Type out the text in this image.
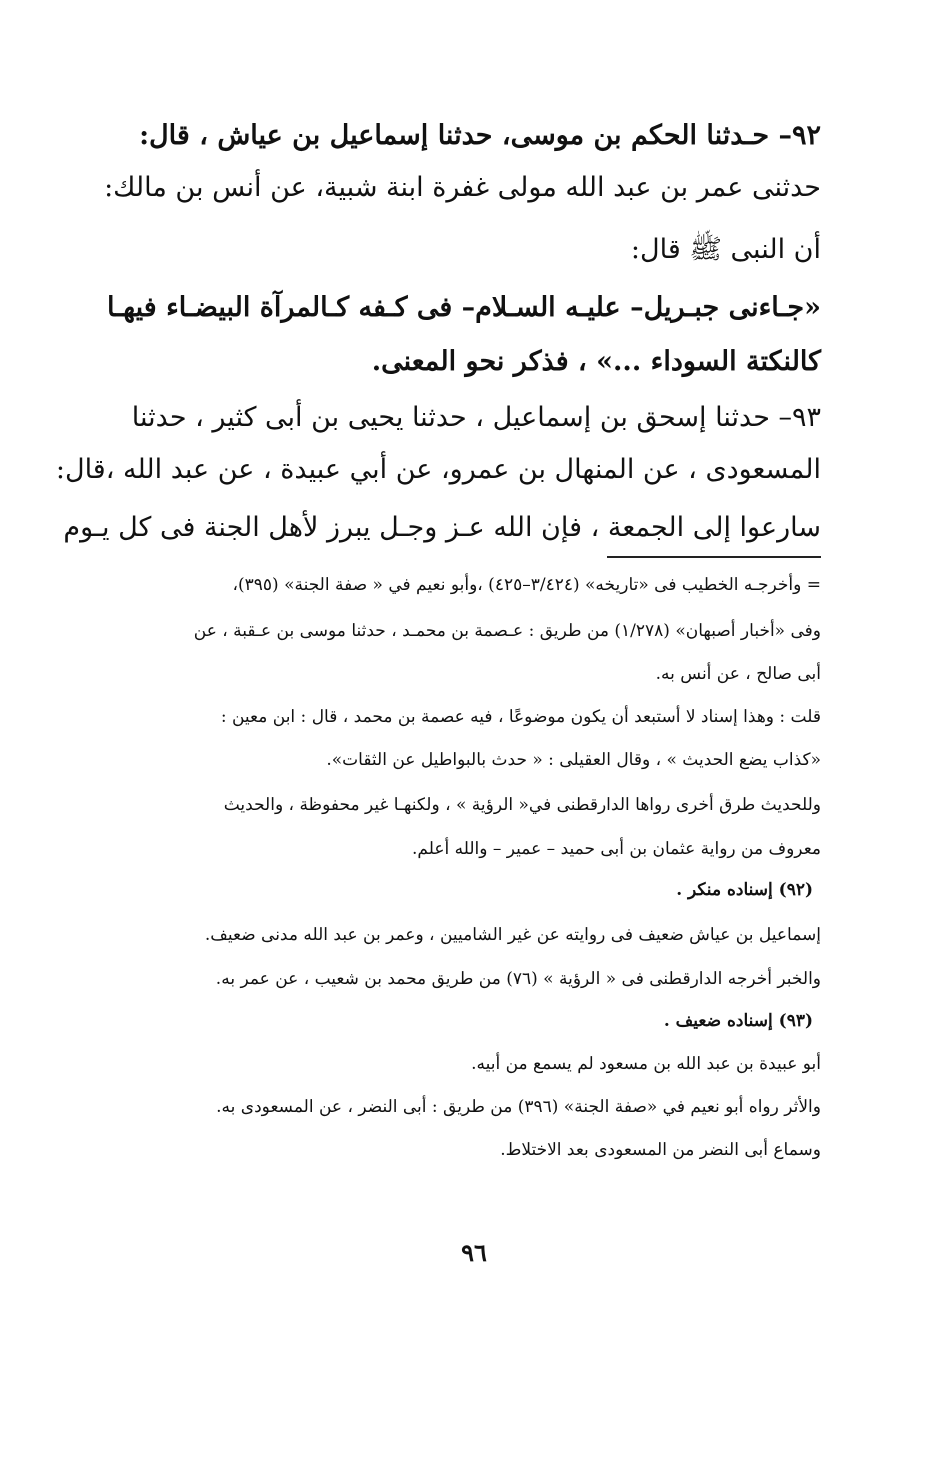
٩٢– حـدثنا الحكم بن موسى، حدثنا إسماعيل بن عياش ، قال:
حدثنى عمر بن عبد الله مولى غفرة ابنة شبية، عن أنس بن مالك:
أن النبى ﷺ قال:
«جـاءنى جبـريل– عليـه السـلام– فى كـفه كـالمرآة البيضـاء فيهـا
كالنكتة السوداء ...» ، فذكر نحو المعنى.
٩٣– حدثنا إسحق بن إسماعيل ، حدثنا يحيى بن أبى كثير ، حدثنا
المسعودى ، عن المنهال بن عمرو، عن أبي عبيدة ، عن عبد الله ،قال:
سارعوا إلى الجمعة ، فإن الله عـز وجـل يبرز لأهل الجنة فى كل يـوم
= وأخرجـه الخطيب فى «تاريخه» (٣/٤٢٤–٤٢٥) ،وأبو نعيم في « صفة الجنة» (٣٩٥)،
وفى «أخبار أصبهان» (١/٢٧٨) من طريق : عـصمة بن محمـد ، حدثنا موسى بن عـقبة ، عن
أبى صالح ، عن أنس به.
قلت : وهذا إسناد لا أستبعد أن يكون موضوعًا ، فيه عصمة بن محمد ، قال : ابن معين :
«كذاب يضع الحديث » ، وقال العقيلى : « حدث بالبواطيل عن الثقات».
وللحديث طرق أخرى رواها الدارقطنى في« الرؤية » ، ولكنهـا غير محفوظة ، والحديث
معروف من رواية عثمان بن أبى حميد – عمير – والله أعلم.
(٩٢) إسناده منكر .
إسماعيل بن عياش ضعيف فى روايته عن غير الشاميين ، وعمر بن عبد الله مدنى ضعيف.
والخبر أخرجه الدارقطنى فى « الرؤية » (٧٦) من طريق محمد بن شعيب ، عن عمر به.
(٩٣) إسناده ضعيف .
أبو عبيدة بن عبد الله بن مسعود لم يسمع من أبيه.
والأثر رواه أبو نعيم في «صفة الجنة» (٣٩٦) من طريق : أبى النضر ، عن المسعودى به.
وسماع أبى النضر من المسعودى بعد الاختلاط.
٩٦
